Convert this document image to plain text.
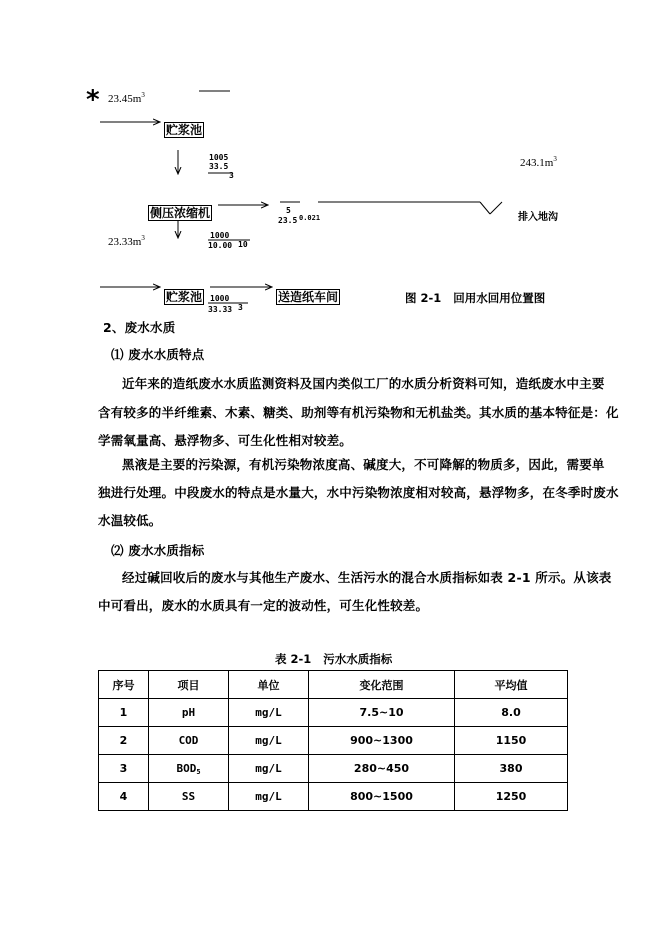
* $23.45m^3$
贮浆池
1005
33.5
3
$243.1m^3$
侧压浓缩机	5
23.5 0.021	排入地沟
1000
10.00 10
$23.33m^3$
贮浆池 1000
33.33 3
送造纸车间	图 2-1   回用水回用位置图
2、废水水质
⑴ 废水水质特点
近年来的造纸废水水质监测资料及国内类似工厂的水质分析资料可知，造纸废水中主要
含有较多的半纤维素、木素、糖类、助剂等有机污染物和无机盐类。其水质的基本特征是：化
学需氧量高、悬浮物多、可生化性相对较差。
黑液是主要的污染源，有机污染物浓度高、碱度大，不可降解的物质多，因此，需要单
独进行处理。中段废水的特点是水量大，水中污染物浓度相对较高，悬浮物多，在冬季时废水
水温较低。
⑵ 废水水质指标
经过碱回收后的废水与其他生产废水、生活污水的混合水质指标如表 2-1 所示。从该表
中可看出，废水的水质具有一定的波动性，可生化性较差。
表 2-1   污水水质指标
序号	项目	单位	变化范围	平均值
1	pH	mg/L	7.5~10	8.0
2	COD	mg/L	900~1300	1150
3	$BOD_5$	mg/L	280~450	380
4	SS	mg/L	800~1500	1250
